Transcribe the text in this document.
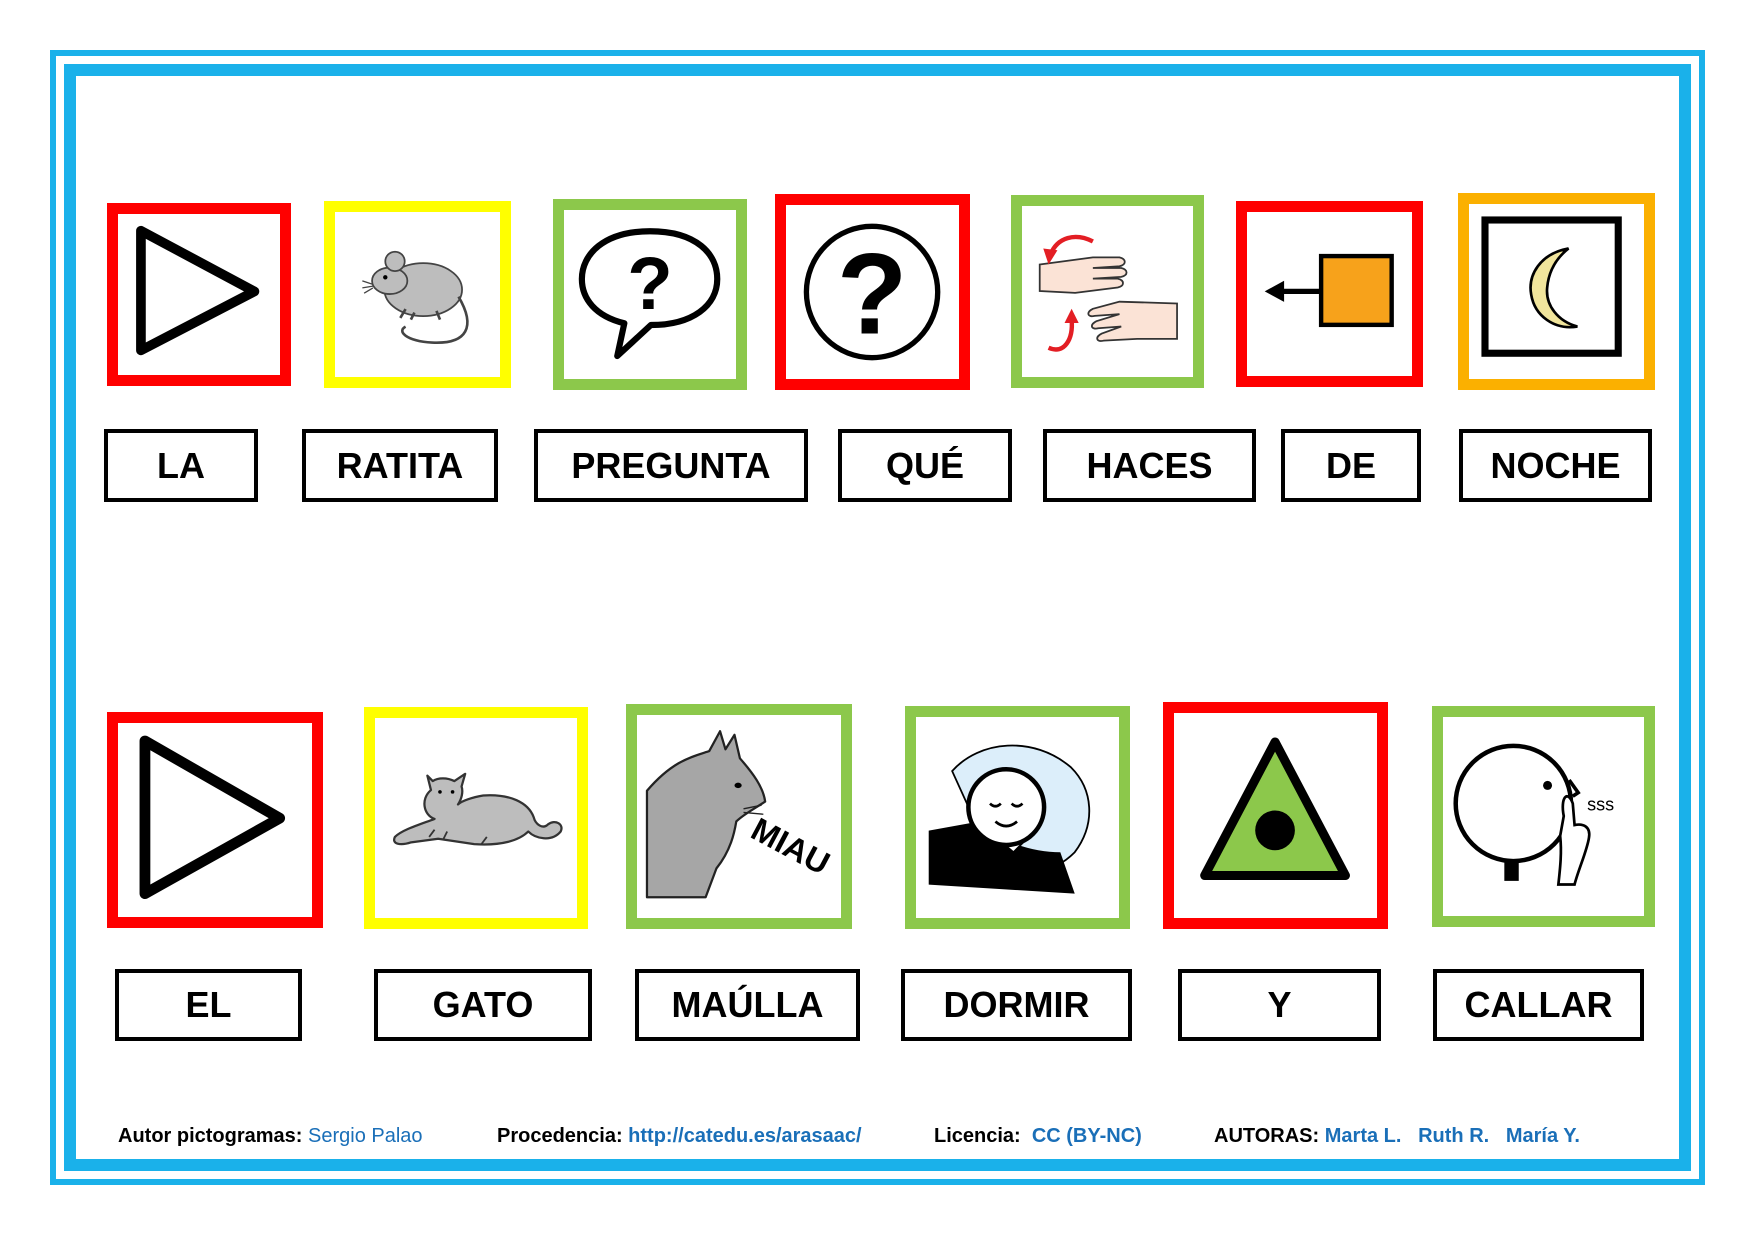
? ?
LA	RATITA	PREGUNTA	QUÉ	HACES	DE	NOCHE
MIAU
sss
EL	GATO	MAÚLLA	DORMIR	Y	CALLAR
Autor pictogramas: Sergio Palao	Procedencia: http://catedu.es/arasaac/	Licencia: CC (BY-NC)	AUTORAS: Marta L.   Ruth R.   María Y.
